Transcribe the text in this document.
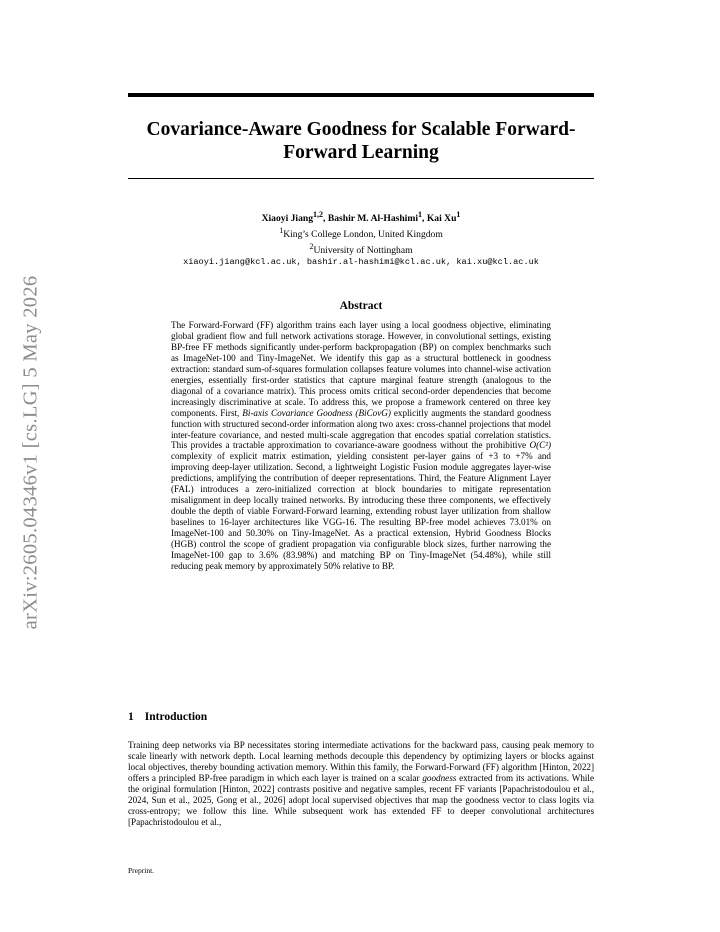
arXiv:2605.04346v1 [cs.LG] 5 May 2026
Covariance-Aware Goodness for Scalable Forward-Forward Learning
Xiaoyi Jiang$^{1,2}$, Bashir M. Al-Hashimi$^1$, Kai Xu$^1$
$^1$King’s College London, United Kingdom
$^2$University of Nottingham
xiaoyi.jiang@kcl.ac.uk, bashir.al-hashimi@kcl.ac.uk, kai.xu@kcl.ac.uk
Abstract

The Forward-Forward (FF) algorithm trains each layer using a local goodness objective, eliminating global gradient flow and full network activations storage. However, in convolutional settings, existing BP-free FF methods significantly under-perform backpropagation (BP) on complex benchmarks such as ImageNet-100 and Tiny-ImageNet. We identify this gap as a structural bottleneck in goodness extraction: standard sum-of-squares formulation collapses feature volumes into channel-wise activation energies, essentially first-order statistics that capture marginal feature strength (analogous to the diagonal of a covariance matrix). This process omits critical second-order dependencies that become increasingly discriminative at scale. To address this, we propose a framework centered on three key components. First, Bi-axis Covariance Goodness (BiCovG) explicitly augments the standard goodness function with structured second-order information along two axes: cross-channel projections that model inter-feature covariance, and nested multi-scale aggregation that encodes spatial correlation statistics. This provides a tractable approximation to covariance-aware goodness without the prohibitive O(C²) complexity of explicit matrix estimation, yielding consistent per-layer gains of +3 to +7% and improving deep-layer utilization. Second, a lightweight Logistic Fusion module aggregates layer-wise predictions, amplifying the contribution of deeper representations. Third, the Feature Alignment Layer (FAL) introduces a zero-initialized correction at block boundaries to mitigate representation misalignment in deep locally trained networks. By introducing these three components, we effectively double the depth of viable Forward-Forward learning, extending robust layer utilization from shallow baselines to 16-layer architectures like VGG-16. The resulting BP-free model achieves 73.01% on ImageNet-100 and 50.30% on Tiny-ImageNet. As a practical extension, Hybrid Goodness Blocks (HGB) control the scope of gradient propagation via configurable block sizes, further narrowing the ImageNet-100 gap to 3.6% (83.98%) and matching BP on Tiny-ImageNet (54.48%), while still reducing peak memory by approximately 50% relative to BP.

1 Introduction

Training deep networks via BP necessitates storing intermediate activations for the backward pass, causing peak memory to scale linearly with network depth. Local learning methods decouple this dependency by optimizing layers or blocks against local objectives, thereby bounding activation memory. Within this family, the Forward-Forward (FF) algorithm [Hinton, 2022] offers a principled BP-free paradigm in which each layer is trained on a scalar goodness extracted from its activations. While the original formulation [Hinton, 2022] contrasts positive and negative samples, recent FF variants [Papachristodoulou et al., 2024, Sun et al., 2025, Gong et al., 2026] adopt local supervised objectives that map the goodness vector to class logits via cross-entropy; we follow this line. While subsequent work has extended FF to deeper convolutional architectures [Papachristodoulou et al.,

Preprint.
